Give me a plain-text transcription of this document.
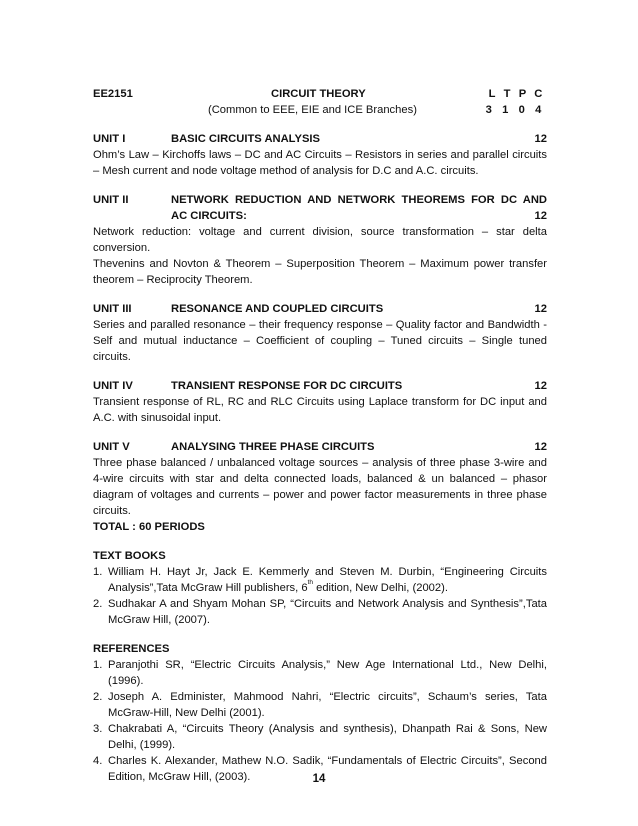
EE2151	CIRCUIT THEORY	L T P C
(Common to EEE, EIE and ICE Branches)	3 1 0 4
UNIT I	BASIC CIRCUITS ANALYSIS	12

Ohm’s Law – Kirchoffs laws – DC and AC Circuits – Resistors in series and parallel circuits – Mesh current and node voltage method of analysis for D.C and A.C. circuits.

UNIT II	NETWORK REDUCTION AND NETWORK THEOREMS FOR DC AND
AC CIRCUITS:	12

Network reduction: voltage and current division, source transformation – star delta conversion.

Thevenins and Novton & Theorem – Superposition Theorem – Maximum power transfer theorem – Reciprocity Theorem.

UNIT III	RESONANCE AND COUPLED CIRCUITS	12

Series and paralled resonance – their frequency response – Quality factor and Bandwidth - Self and mutual inductance – Coefficient of coupling – Tuned circuits – Single tuned circuits.

UNIT IV	TRANSIENT RESPONSE FOR DC CIRCUITS	12

Transient response of RL, RC and RLC Circuits using Laplace transform for DC input and A.C. with sinusoidal input.

UNIT V	ANALYSING THREE PHASE CIRCUITS	12

Three phase balanced / unbalanced voltage sources – analysis of three phase 3-wire and 4-wire circuits with star and delta connected loads, balanced & un balanced – phasor diagram of voltages and currents – power and power factor measurements in three phase circuits.

TOTAL : 60 PERIODS

TEXT BOOKS
1. William H. Hayt Jr, Jack E. Kemmerly and Steven M. Durbin, “Engineering Circuits Analysis”,Tata McGraw Hill publishers, 6th edition, New Delhi, (2002).
2. Sudhakar A and Shyam Mohan SP, “Circuits and Network Analysis and Synthesis”,Tata McGraw Hill, (2007).
REFERENCES
1. Paranjothi SR, “Electric Circuits Analysis,” New Age International Ltd., New Delhi, (1996).
2. Joseph A. Edminister, Mahmood Nahri, “Electric circuits”, Schaum’s series, Tata McGraw-Hill, New Delhi (2001).
3. Chakrabati A, “Circuits Theory (Analysis and synthesis), Dhanpath Rai & Sons, New Delhi, (1999).
4. Charles K. Alexander, Mathew N.O. Sadik, “Fundamentals of Electric Circuits”, Second Edition, McGraw Hill, (2003).	14
